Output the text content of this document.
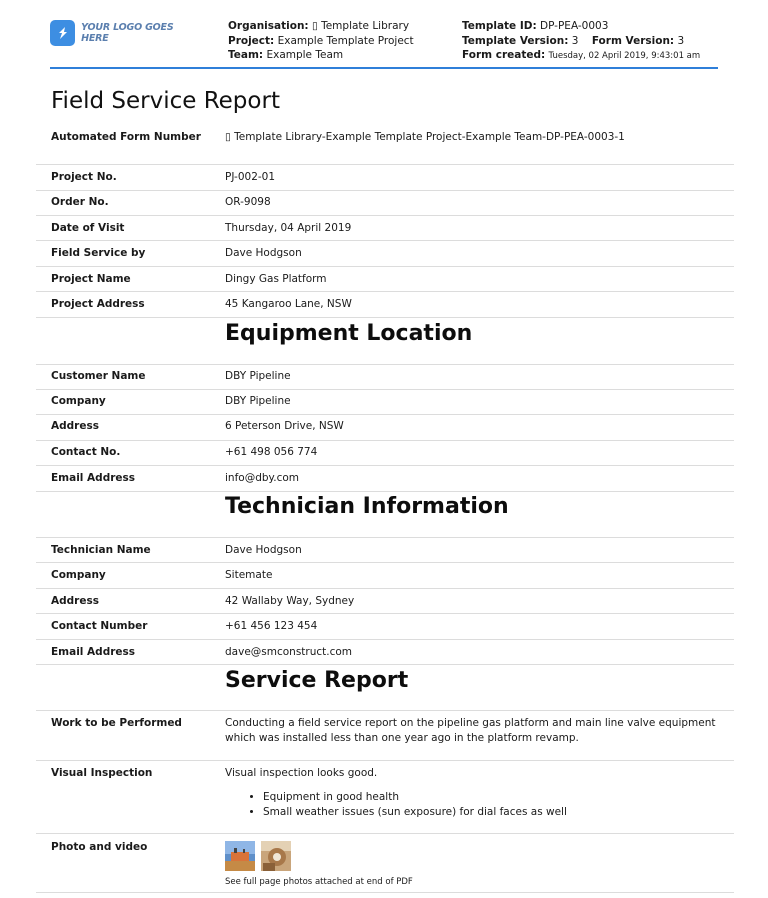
YOUR LOGO GOES HERE
Organisation: ▯ Template Library
Project: Example Template Project
Team: Example Team
Template ID: DP-PEA-0003
Template Version: 3 Form Version: 3
Form created: Tuesday, 02 April 2019, 9:43:01 am
Field Service Report
Automated Form Number ▯ Template Library-Example Template Project-Example Team-DP-PEA-0003-1
Project No.	PJ-002-01
Order No.	OR-9098
Date of Visit	Thursday, 04 April 2019
Field Service by	Dave Hodgson
Project Name	Dingy Gas Platform
Project Address	45 Kangaroo Lane, NSW
Equipment Location
Customer Name	DBY Pipeline
Company	DBY Pipeline
Address	6 Peterson Drive, NSW
Contact No.	+61 498 056 774
Email Address	info@dby.com
Technician Information
Technician Name	Dave Hodgson
Company	Sitemate
Address	42 Wallaby Way, Sydney
Contact Number	+61 456 123 454
Email Address	dave@smconstruct.com
Service Report
Work to be Performed	Conducting a field service report on the pipeline gas platform and main line valve equipment which was installed less than one year ago in the platform revamp.
Visual Inspection	Visual inspection looks good.
• Equipment in good health
• Small weather issues (sun exposure) for dial faces as well
Photo and video
See full page photos attached at end of PDF
